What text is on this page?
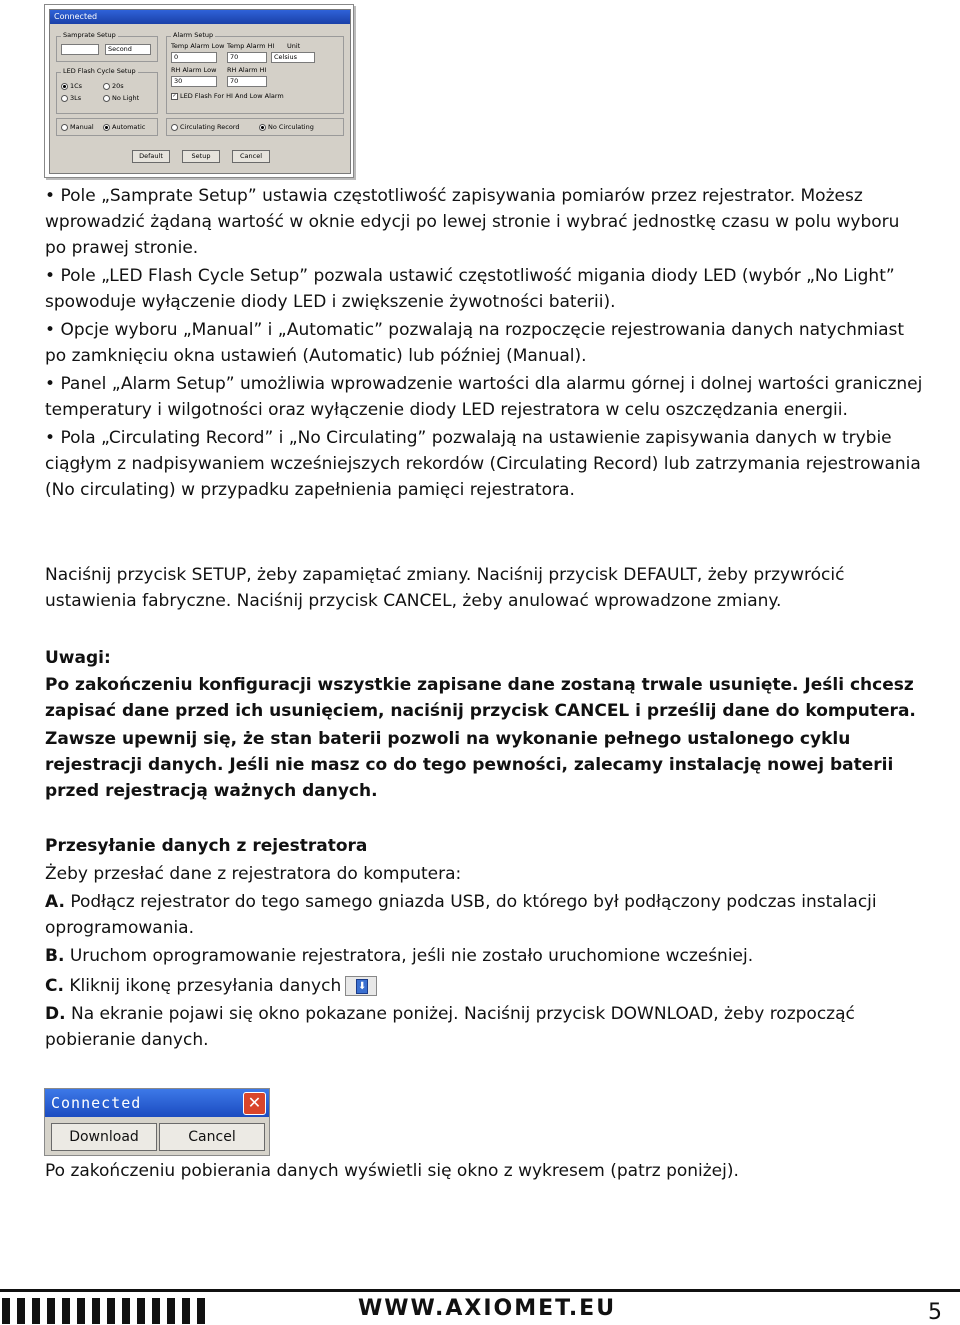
Connected
Samprate Setup
Second
LED Flash Cycle Setup
1Cs	20s
3Ls	No Light
Alarm Setup
Temp Alarm Low Temp Alarm HI Unit
0	70	Celsius
RH Alarm Low RH Alarm HI
30	70
✓ LED Flash For HI And Low Alarm
Manual	Automatic	Circulating Record	No Circulating
Default	Setup	Cancel

• Pole „Samprate Setup” ustawia częstotliwość zapisywania pomiarów przez rejestrator. Możesz wprowadzić żądaną wartość w oknie edycji po lewej stronie i wybrać jednostkę czasu w polu wyboru po prawej stronie.

• Pole „LED Flash Cycle Setup” pozwala ustawić częstotliwość migania diody LED (wybór „No Light” spowoduje wyłączenie diody LED i zwiększenie żywotności baterii).

• Opcje wyboru „Manual” i „Automatic” pozwalają na rozpoczęcie rejestrowania danych natychmiast po zamknięciu okna ustawień (Automatic) lub później (Manual).

• Panel „Alarm Setup” umożliwia wprowadzenie wartości dla alarmu górnej i dolnej wartości granicznej temperatury i wilgotności oraz wyłączenie diody LED rejestratora w celu oszczędzania energii.

• Pola „Circulating Record” i „No Circulating” pozwalają na ustawienie zapisywania danych w trybie ciągłym z nadpisywaniem wcześniejszych rekordów (Circulating Record) lub zatrzymania rejestrowania (No circulating) w przypadku zapełnienia pamięci rejestratora.

Naciśnij przycisk SETUP, żeby zapamiętać zmiany. Naciśnij przycisk DEFAULT, żeby przywrócić ustawienia fabryczne. Naciśnij przycisk CANCEL, żeby anulować wprowadzone zmiany.

Uwagi:

Po zakończeniu konfiguracji wszystkie zapisane dane zostaną trwale usunięte. Jeśli chcesz zapisać dane przed ich usunięciem, naciśnij przycisk CANCEL i prześlij dane do komputera.

Zawsze upewnij się, że stan baterii pozwoli na wykonanie pełnego ustalonego cyklu rejestracji danych. Jeśli nie masz co do tego pewności, zalecamy instalację nowej baterii przed rejestracją ważnych danych.

Przesyłanie danych z rejestratora

Żeby przesłać dane z rejestratora do komputera:

A. Podłącz rejestrator do tego samego gniazda USB, do którego był podłączony podczas instalacji oprogramowania.

B. Uruchom oprogramowanie rejestratora, jeśli nie zostało uruchomione wcześniej.

C. Kliknij ikonę przesyłania danych ⬇

D. Na ekranie pojawi się okno pokazane poniżej. Naciśnij przycisk DOWNLOAD, żeby rozpocząć pobieranie danych.

Connected	✕
Download	Cancel

Po zakończeniu pobierania danych wyświetli się okno z wykresem (patrz poniżej).

WWW.AXIOMET.EU	5
